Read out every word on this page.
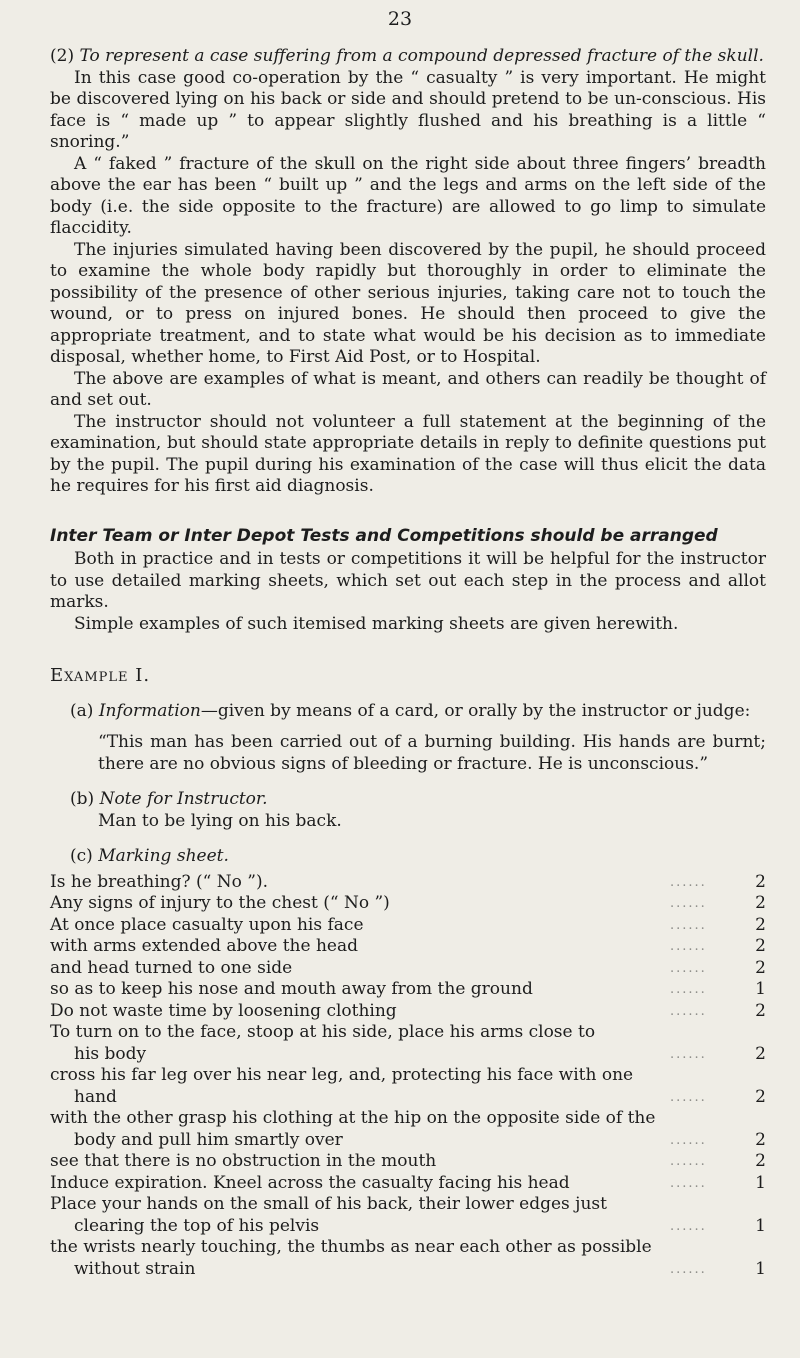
23

(2) To represent a case suffering from a compound depressed fracture of the skull.

In this case good co-operation by the “ casualty ” is very important. He might be discovered lying on his back or side and should pretend to be un-conscious. His face is “ made up ” to appear slightly flushed and his breathing is a little “ snoring.”

A “ faked ” fracture of the skull on the right side about three fingers’ breadth above the ear has been “ built up ” and the legs and arms on the left side of the body (i.e. the side opposite to the fracture) are allowed to go limp to simulate flaccidity.

The injuries simulated having been discovered by the pupil, he should proceed to examine the whole body rapidly but thoroughly in order to eliminate the possibility of the presence of other serious injuries, taking care not to touch the wound, or to press on injured bones. He should then proceed to give the appropriate treatment, and to state what would be his decision as to immediate disposal, whether home, to First Aid Post, or to Hospital.

The above are examples of what is meant, and others can readily be thought of and set out.

The instructor should not volunteer a full statement at the beginning of the examination, but should state appropriate details in reply to definite questions put by the pupil. The pupil during his examination of the case will thus elicit the data he requires for his first aid diagnosis.

Inter Team or Inter Depot Tests and Competitions should be arranged

Both in practice and in tests or competitions it will be helpful for the instructor to use detailed marking sheets, which set out each step in the process and allot marks.

Simple examples of such itemised marking sheets are given herewith.

Example I.

(a) Information—given by means of a card, or orally by the instructor or judge:

“This man has been carried out of a burning building. His hands are burnt; there are no obvious signs of bleeding or fracture. He is unconscious.”

(b) Note for Instructor.

Man to be lying on his back.

(c) Marking sheet.

Is he breathing? (“ No ”).	......	2
Any signs of injury to the chest (“ No ”)	......	2
At once place casualty upon his face	......	2
with arms extended above the head	......	2
and head turned to one side	......	2
so as to keep his nose and mouth away from the ground	......	1
Do not waste time by loosening clothing	......	2
To turn on to the face, stoop at his side, place his arms close to
his body	......	2
cross his far leg over his near leg, and, protecting his face with one
hand	......	2
with the other grasp his clothing at the hip on the opposite side of the
body and pull him smartly over	......	2
see that there is no obstruction in the mouth	......	2
Induce expiration. Kneel across the casualty facing his head	......	1
Place your hands on the small of his back, their lower edges just
clearing the top of his pelvis	......	1
the wrists nearly touching, the thumbs as near each other as possible
without strain	......	1
